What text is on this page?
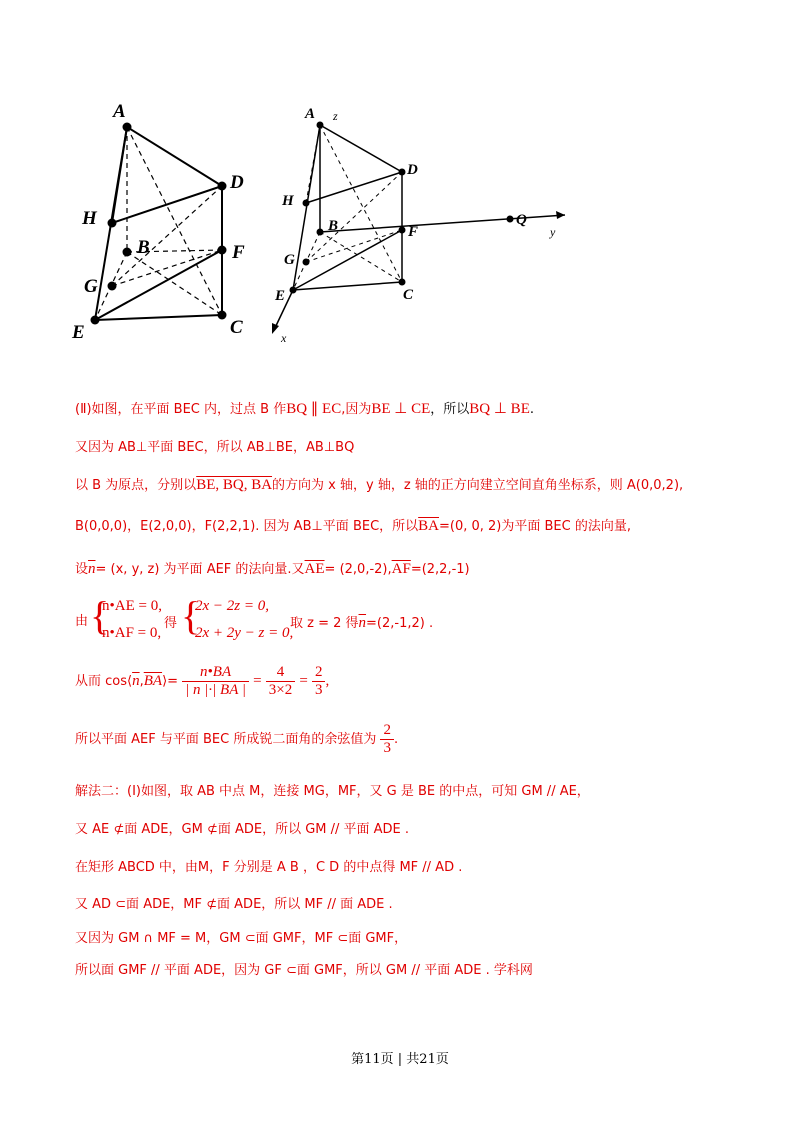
A
D
H
B	F
G
E	C
A z
D
H
B	F
Q
y
G
E	C
x
(Ⅱ)如图，在平面 BEC 内，过点 B 作BQ ∥ EC,因为BE ⊥ CE，所以BQ ⊥ BE.
又因为 AB⊥平面 BEC，所以 AB⊥BE，AB⊥BQ
以 B 为原点，分别以BE, BQ, BA的方向为 x 轴，y 轴，z 轴的正方向建立空间直角坐标系，则 A(0,0,2),
B(0,0,0)，E(2,0,0)，F(2,2,1). 因为 AB⊥平面 BEC，所以$\overline{BA}=(0$, 0, 2)为平面 BEC 的法向量,
设$\overline{n}= (x$, y, z) 为平面 AEF 的法向量.又$\overline{AE}= (2,0,-2),\overline{AF}=(2,2,-1)$
由 {
n•AE = 0,
n•AF = 0,
得 {
2x − 2z = 0,
2x + 2y − z = 0,
取 z = 2 得$\overline{n}=(2,-1,2)$ .
从而 $\cos⟨\overline{n},\overline{BA}⟩= \frac{n•BA}{| n |\cdot| BA |} = \frac{4}{3\times 2} = \frac{2}{3}$ ,
所以平面 AEF 与平面 BEC 所成锐二面角的余弦值为 $\frac{2}{3}$ .
解法二：(Ⅰ)如图，取 AB 中点 M，连接 MG，MF，又 G 是 BE 的中点，可知 GM // AE，
又 AE ⊄面 ADE，GM ⊄面 ADE，所以 GM // 平面 ADE .
在矩形 ABCD 中，由M，F 分别是 A B ，C D 的中点得 MF // AD .
又 AD ⊂面 ADE，MF ⊄面 ADE，所以 MF // 面 ADE .
又因为 GM ∩ MF = M，GM ⊂面 GMF，MF ⊂面 GMF，
所以面 GMF // 平面 ADE，因为 GF ⊂面 GMF，所以 GM // 平面 ADE . 学科网
第11页 | 共21页
